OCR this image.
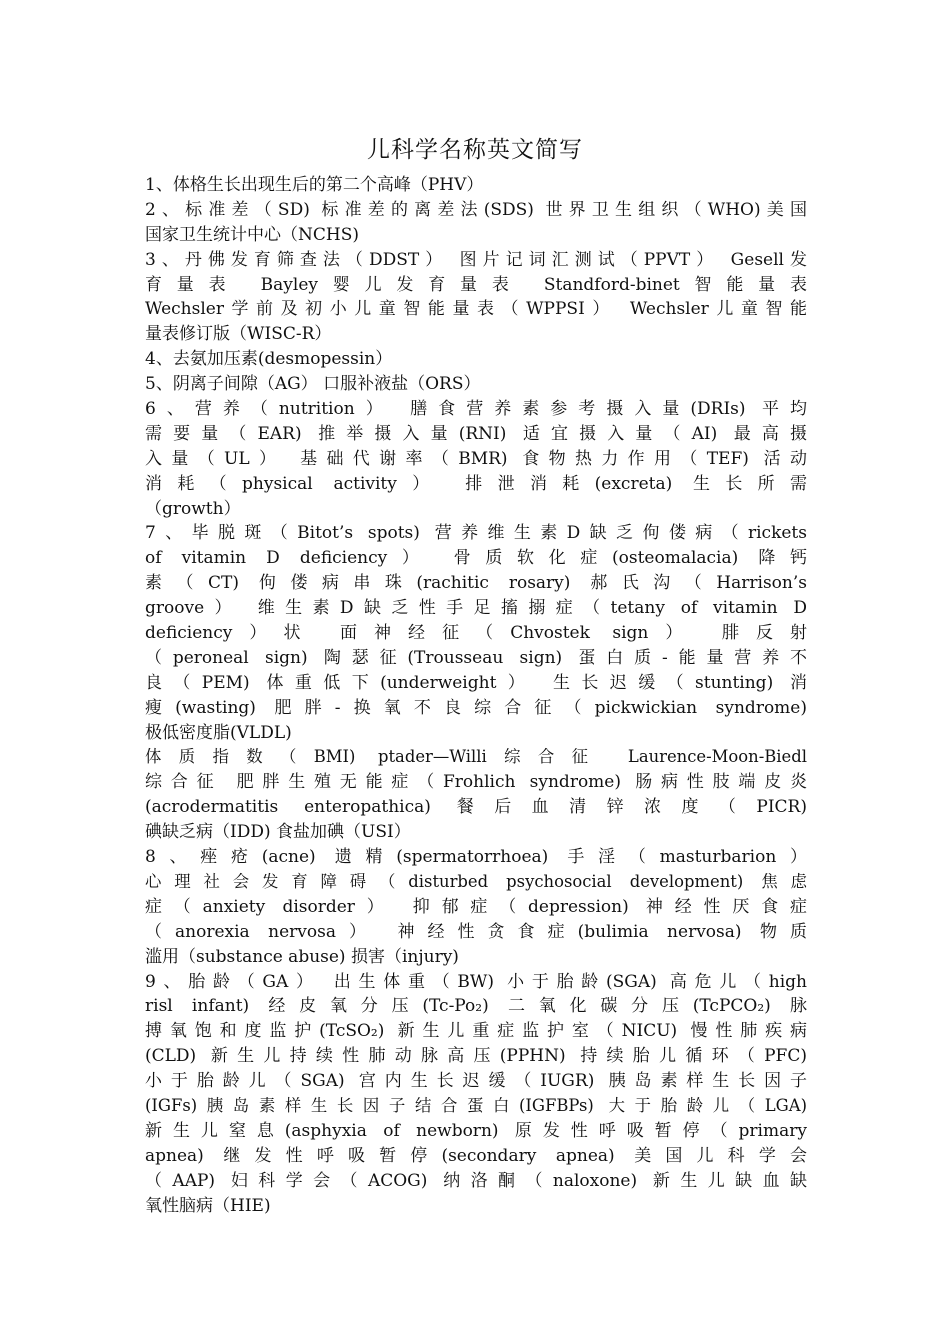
儿科学名称英文简写
1、体格生长出现生后的第二个高峰（PHV）
2、标准差（SD) 标准差的离差法(SDS) 世界卫生组织（WHO)美国
国家卫生统计中心（NCHS)
3、丹佛发育筛查法（DDST） 图片记词汇测试（PPVT） Gesell发
育量表 Bayley婴儿发育量表 Standford-binet智能量表
Wechsler学前及初小儿童智能量表（WPPSI） Wechsler儿童智能
量表修订版（WISC-R）
4、去氨加压素(desmopessin）
5、阴离子间隙（AG） 口服补液盐（ORS）
6、营养（nutrition） 膳食营养素参考摄入量(DRIs) 平均
需要量（EAR) 推举摄入量(RNI) 适宜摄入量（AI) 最高摄
入量（UL） 基础代谢率（BMR) 食物热力作用（TEF) 活动
消耗（physical activity） 排泄消耗(excreta) 生长所需
（growth）
7、毕脱斑（Bitot’s spots) 营养维生素D缺乏佝偻病（rickets
of vitamin D deficiency） 骨质软化症(osteomalacia) 降钙
素（CT) 佝偻病串珠(rachitic rosary) 郝氏沟（Harrison’s
groove） 维生素D缺乏性手足搐搦症（tetany of vitamin D
deficiency）状 面神经征（Chvostek sign） 腓反射
（peroneal sign) 陶瑟征(Trousseau sign) 蛋白质-能量营养不
良（PEM) 体重低下(underweight） 生长迟缓（stunting) 消
瘦(wasting) 肥胖-换氧不良综合征（pickwickian syndrome)
极低密度脂(VLDL)
体质指数（BMI) ptader—Willi综合征 Laurence-Moon-Biedl
综合征 肥胖生殖无能症（Frohlich syndrome) 肠病性肢端皮炎
(acrodermatitis enteropathica) 餐后血清锌浓度（PICR)
碘缺乏病（IDD) 食盐加碘（USI）
8、痤疮(acne) 遗精(spermatorrhoea) 手淫（masturbarion）
心理社会发育障碍（disturbed psychosocial development) 焦虑
症（anxiety disorder） 抑郁症（depression) 神经性厌食症
（anorexia nervosa） 神经性贪食症(bulimia nervosa) 物质
滥用（substance abuse) 损害（injury)
9、胎龄（GA） 出生体重（BW) 小于胎龄(SGA) 高危儿（high
risl infant) 经皮氧分压(Tc-Po₂) 二氧化碳分压(TcPCO₂) 脉
搏氧饱和度监护(TcSO₂) 新生儿重症监护室（NICU) 慢性肺疾病
(CLD) 新生儿持续性肺动脉高压(PPHN) 持续胎儿循环（PFC)
小于胎龄儿（SGA) 宫内生长迟缓（IUGR) 胰岛素样生长因子
(IGFs)胰岛素样生长因子结合蛋白(IGFBPs) 大于胎龄儿（LGA)
新生儿窒息(asphyxia of newborn) 原发性呼吸暂停（primary
apnea) 继发性呼吸暂停(secondary apnea) 美国儿科学会
（AAP) 妇科学会（ACOG) 纳洛酮（naloxone) 新生儿缺血缺
氧性脑病（HIE)
